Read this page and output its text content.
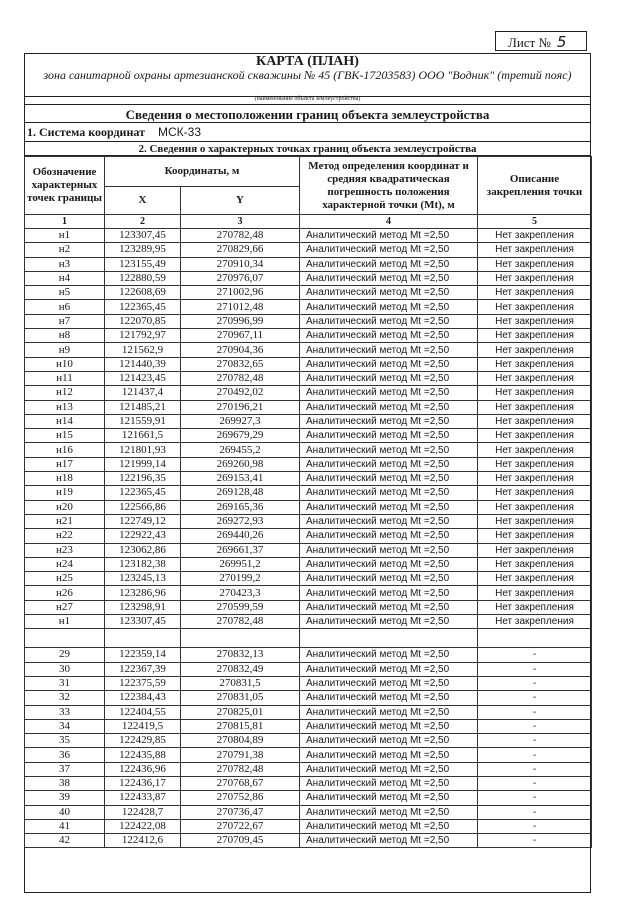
Лист № 5
КАРТА (ПЛАН)
зона санитарной охраны артезианской скважины № 45 (ГВК-17203583) ООО "Водник" (третий пояс)
(наименование объекта землеустройства)
Сведения о местоположении границ объекта землеустройства
1. Система координат МСК-33
2. Сведения о характерных точках границ объекта землеустройства
Обозначение характерных точек границы	Координаты, м		Метод определения координат и средняя квадратическая погрешность положения характерной точки (Mt), м	Описание закрепления точки
	X	Y		
1	2	3	4	5
н1	123307,45	270782,48	Аналитический метод Mt =2,50	Нет закрепления
н2	123289,95	270829,66	Аналитический метод Mt =2,50	Нет закрепления
н3	123155,49	270910,34	Аналитический метод Mt =2,50	Нет закрепления
н4	122880,59	270976,07	Аналитический метод Mt =2,50	Нет закрепления
н5	122608,69	271002,96	Аналитический метод Mt =2,50	Нет закрепления
н6	122365,45	271012,48	Аналитический метод Mt =2,50	Нет закрепления
н7	122070,85	270996,99	Аналитический метод Mt =2,50	Нет закрепления
н8	121792,97	270967,11	Аналитический метод Mt =2,50	Нет закрепления
н9	121562,9	270904,36	Аналитический метод Mt =2,50	Нет закрепления
н10	121440,39	270832,65	Аналитический метод Mt =2,50	Нет закрепления
н11	121423,45	270782,48	Аналитический метод Mt =2,50	Нет закрепления
н12	121437,4	270492,02	Аналитический метод Mt =2,50	Нет закрепления
н13	121485,21	270196,21	Аналитический метод Mt =2,50	Нет закрепления
н14	121559,91	269927,3	Аналитический метод Mt =2,50	Нет закрепления
н15	121661,5	269679,29	Аналитический метод Mt =2,50	Нет закрепления
н16	121801,93	269455,2	Аналитический метод Mt =2,50	Нет закрепления
н17	121999,14	269260,98	Аналитический метод Mt =2,50	Нет закрепления
н18	122196,35	269153,41	Аналитический метод Mt =2,50	Нет закрепления
н19	122365,45	269128,48	Аналитический метод Mt =2,50	Нет закрепления
н20	122566,86	269165,36	Аналитический метод Mt =2,50	Нет закрепления
н21	122749,12	269272,93	Аналитический метод Mt =2,50	Нет закрепления
н22	122922,43	269440,26	Аналитический метод Mt =2,50	Нет закрепления
н23	123062,86	269661,37	Аналитический метод Mt =2,50	Нет закрепления
н24	123182,38	269951,2	Аналитический метод Mt =2,50	Нет закрепления
н25	123245,13	270199,2	Аналитический метод Mt =2,50	Нет закрепления
н26	123286,96	270423,3	Аналитический метод Mt =2,50	Нет закрепления
н27	123298,91	270599,59	Аналитический метод Mt =2,50	Нет закрепления
н1	123307,45	270782,48	Аналитический метод Mt =2,50	Нет закрепления

29	122359,14	270832,13	Аналитический метод Mt =2,50	-
30	122367,39	270832,49	Аналитический метод Mt =2,50	-
31	122375,59	270831,5	Аналитический метод Mt =2,50	-
32	122384,43	270831,05	Аналитический метод Mt =2,50	-
33	122404,55	270825,01	Аналитический метод Mt =2,50	-
34	122419,5	270815,81	Аналитический метод Mt =2,50	-
35	122429,85	270804,89	Аналитический метод Mt =2,50	-
36	122435,88	270791,38	Аналитический метод Mt =2,50	-
37	122436,96	270782,48	Аналитический метод Mt =2,50	-
38	122436,17	270768,67	Аналитический метод Mt =2,50	-
39	122433,87	270752,86	Аналитический метод Mt =2,50	-
40	122428,7	270736,47	Аналитический метод Mt =2,50	-
41	122422,08	270722,67	Аналитический метод Mt =2,50	-
42	122412,6	270709,45	Аналитический метод Mt =2,50	-
